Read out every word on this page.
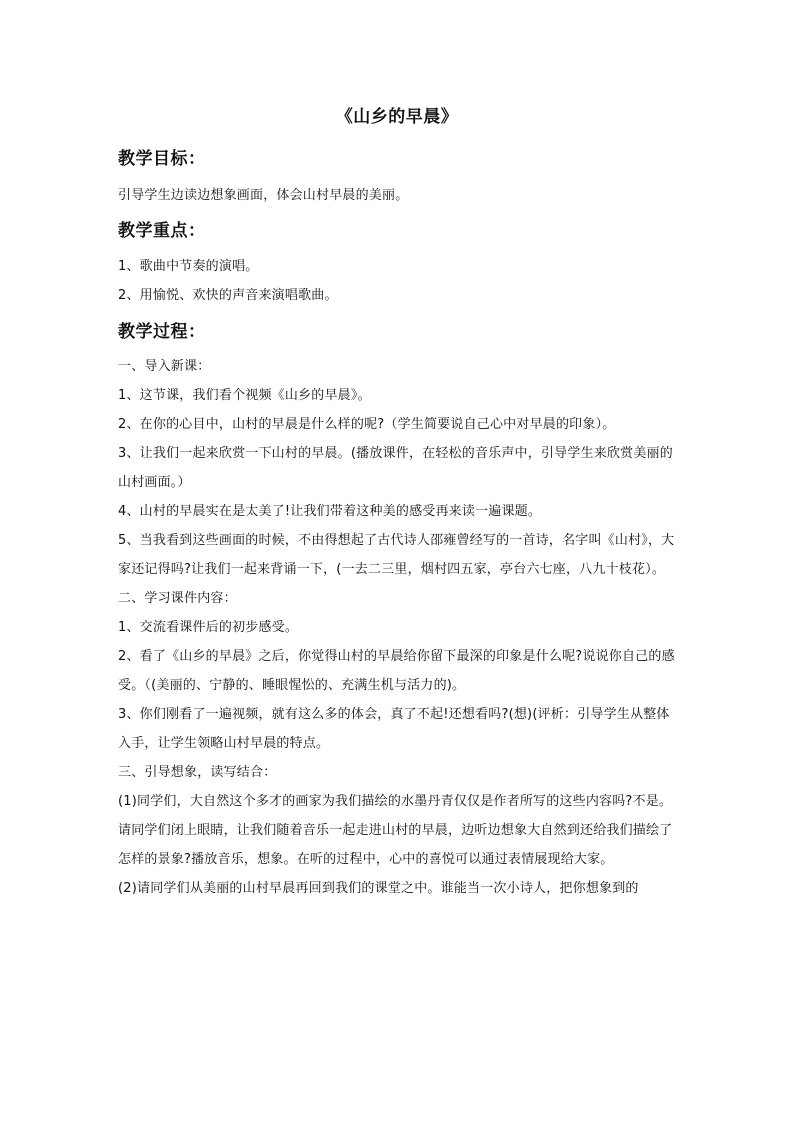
《山乡的早晨》
教学目标：
引导学生边读边想象画面，体会山村早晨的美丽。
教学重点：
1、歌曲中节奏的演唱。
2、用愉悦、欢快的声音来演唱歌曲。
教学过程：
一、导入新课：
1、这节课，我们看个视频《山乡的早晨》。
2、在你的心目中，山村的早晨是什么样的呢?（学生简要说自己心中对早晨的印象）。
3、让我们一起来欣赏一下山村的早晨。(播放课件，在轻松的音乐声中，引导学生来欣赏美丽的山村画面。）
4、山村的早晨实在是太美了!让我们带着这种美的感受再来读一遍课题。
5、当我看到这些画面的时候，不由得想起了古代诗人邵雍曾经写的一首诗，名字叫《山村》，大家还记得吗?让我们一起来背诵一下，(一去二三里，烟村四五家，亭台六七座，八九十枝花）。
二、学习课件内容：
1、交流看课件后的初步感受。
2、看了《山乡的早晨》之后，你觉得山村的早晨给你留下最深的印象是什么呢?说说你自己的感受。（(美丽的、宁静的、睡眼惺忪的、充满生机与活力的)。
3、你们刚看了一遍视频，就有这么多的体会，真了不起!还想看吗?(想)(评析：引导学生从整体入手，让学生领略山村早晨的特点。
三、引导想象，读写结合：
(1)同学们，大自然这个多才的画家为我们描绘的水墨丹青仅仅是作者所写的这些内容吗?不是。请同学们闭上眼睛，让我们随着音乐一起走进山村的早晨，边听边想象大自然到还给我们描绘了怎样的景象?播放音乐，想象。在听的过程中，心中的喜悦可以通过表情展现给大家。
(2)请同学们从美丽的山村早晨再回到我们的课堂之中。谁能当一次小诗人，把你想象到的
